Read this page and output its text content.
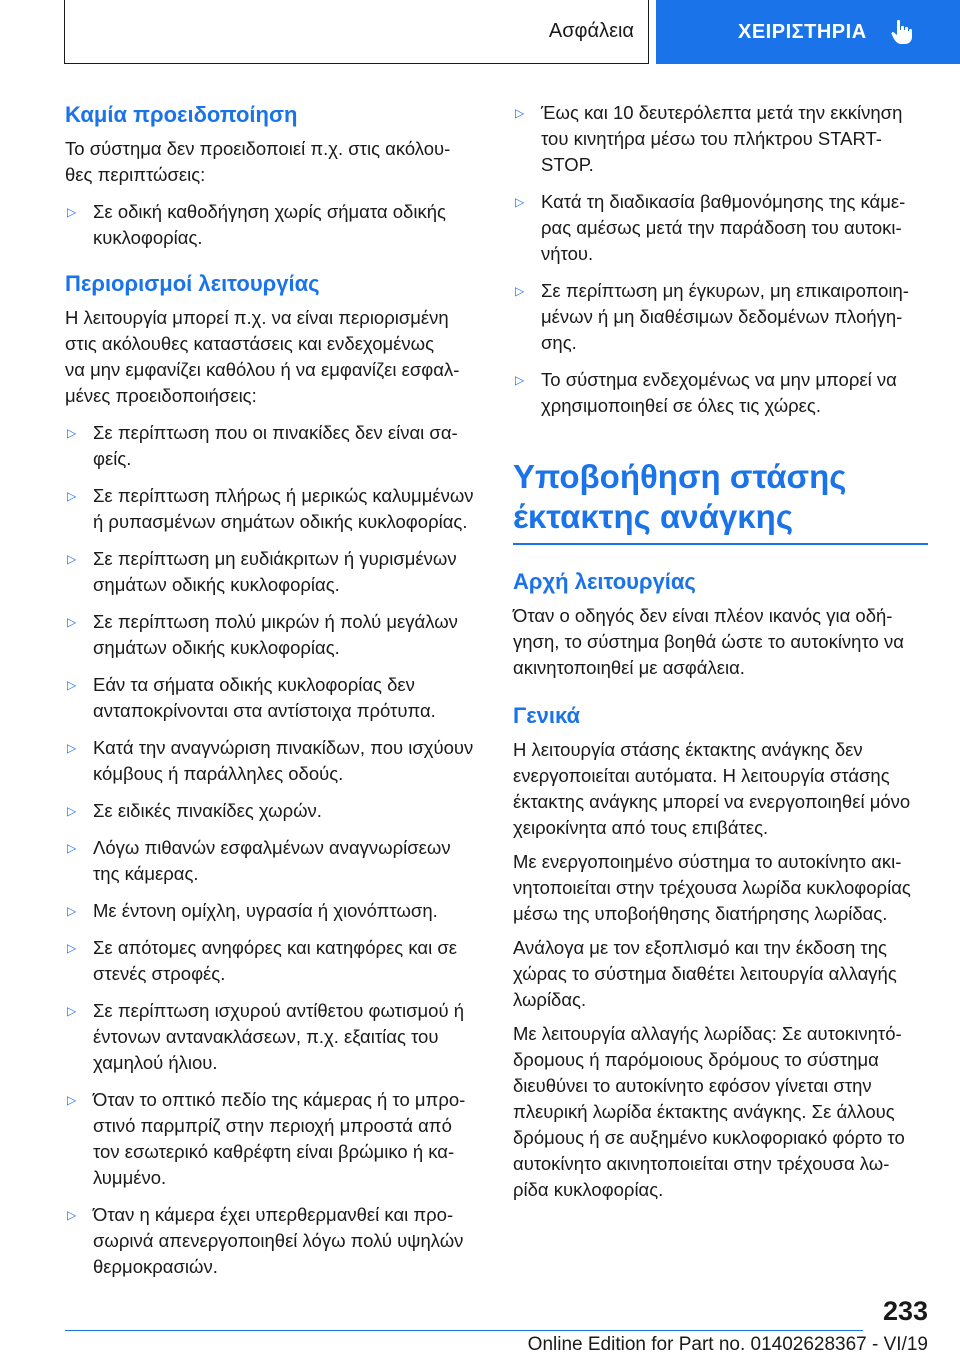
Ασφάλεια	ΧΕΙΡΙΣΤΗΡΙΑ
Καμία προειδοποίηση

Το σύστημα δεν προειδοποιεί π.χ. στις ακόλου-
θες περιπτώσεις:

▷ Σε οδική καθοδήγηση χωρίς σήματα οδικής
κυκλοφορίας.
Περιορισμοί λειτουργίας

Η λειτουργία μπορεί π.χ. να είναι περιορισμένη
στις ακόλουθες καταστάσεις και ενδεχομένως
να μην εμφανίζει καθόλου ή να εμφανίζει εσφαλ-
μένες προειδοποιήσεις:

▷ Σε περίπτωση που οι πινακίδες δεν είναι σα-
φείς.
▷ Σε περίπτωση πλήρως ή μερικώς καλυμμένων
ή ρυπασμένων σημάτων οδικής κυκλοφορίας.
▷ Σε περίπτωση μη ευδιάκριτων ή γυρισμένων
σημάτων οδικής κυκλοφορίας.
▷ Σε περίπτωση πολύ μικρών ή πολύ μεγάλων
σημάτων οδικής κυκλοφορίας.
▷ Εάν τα σήματα οδικής κυκλοφορίας δεν
ανταποκρίνονται στα αντίστοιχα πρότυπα.
▷ Κατά την αναγνώριση πινακίδων, που ισχύουν
κόμβους ή παράλληλες οδούς.
▷ Σε ειδικές πινακίδες χωρών.
▷ Λόγω πιθανών εσφαλμένων αναγνωρίσεων
της κάμερας.
▷ Με έντονη ομίχλη, υγρασία ή χιονόπτωση.
▷ Σε απότομες ανηφόρες και κατηφόρες και σε
στενές στροφές.
▷ Σε περίπτωση ισχυρού αντίθετου φωτισμού ή
έντονων αντανακλάσεων, π.χ. εξαιτίας του
χαμηλού ήλιου.
▷ Όταν το οπτικό πεδίο της κάμερας ή το μπρο-
στινό παρμπρίζ στην περιοχή μπροστά από
τον εσωτερικό καθρέφτη είναι βρώμικο ή κα-
λυμμένο.
▷ Όταν η κάμερα έχει υπερθερμανθεί και προ-
σωρινά απενεργοποιηθεί λόγω πολύ υψηλών
θερμοκρασιών.
▷ Έως και 10 δευτερόλεπτα μετά την εκκίνηση
του κινητήρα μέσω του πλήκτρου START-
STOP.
▷ Κατά τη διαδικασία βαθμονόμησης της κάμε-
ρας αμέσως μετά την παράδοση του αυτοκι-
νήτου.
▷ Σε περίπτωση μη έγκυρων, μη επικαιροποιη-
μένων ή μη διαθέσιμων δεδομένων πλοήγη-
σης.
▷ Το σύστημα ενδεχομένως να μην μπορεί να
χρησιμοποιηθεί σε όλες τις χώρες.
Υποβοήθηση στάσης
έκτακτης ανάγκης
Αρχή λειτουργίας

Όταν ο οδηγός δεν είναι πλέον ικανός για οδή-
γηση, το σύστημα βοηθά ώστε το αυτοκίνητο να
ακινητοποιηθεί με ασφάλεια.

Γενικά

Η λειτουργία στάσης έκτακτης ανάγκης δεν
ενεργοποιείται αυτόματα. Η λειτουργία στάσης
έκτακτης ανάγκης μπορεί να ενεργοποιηθεί μόνο
χειροκίνητα από τους επιβάτες.

Με ενεργοποιημένο σύστημα το αυτοκίνητο ακι-
νητοποιείται στην τρέχουσα λωρίδα κυκλοφορίας
μέσω της υποβοήθησης διατήρησης λωρίδας.

Ανάλογα με τον εξοπλισμό και την έκδοση της
χώρας το σύστημα διαθέτει λειτουργία αλλαγής
λωρίδας.

Με λειτουργία αλλαγής λωρίδας: Σε αυτοκινητό-
δρομους ή παρόμοιους δρόμους το σύστημα
διευθύνει το αυτοκίνητο εφόσον γίνεται στην
πλευρική λωρίδα έκτακτης ανάγκης. Σε άλλους
δρόμους ή σε αυξημένο κυκλοφοριακό φόρτο το
αυτοκίνητο ακινητοποιείται στην τρέχουσα λω-
ρίδα κυκλοφορίας.

233
Online Edition for Part no. 01402628367 - VI/19
